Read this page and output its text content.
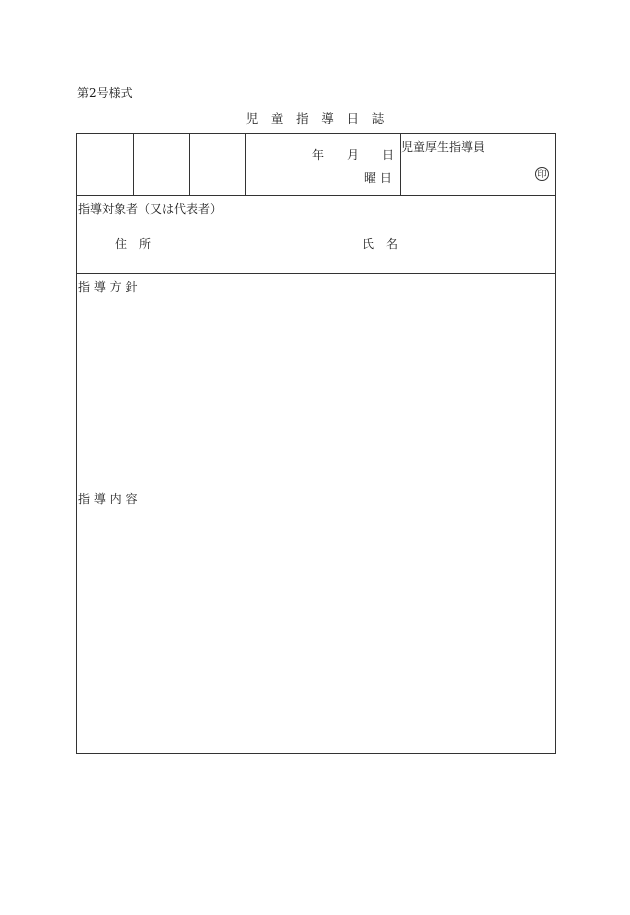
第2号様式
児　童　指　導　日　誌
年 月 日
曜 日
児童厚生指導員
印
指導対象者（又は代表者）
住　所	氏　名
指 導 方 針
指 導 内 容
